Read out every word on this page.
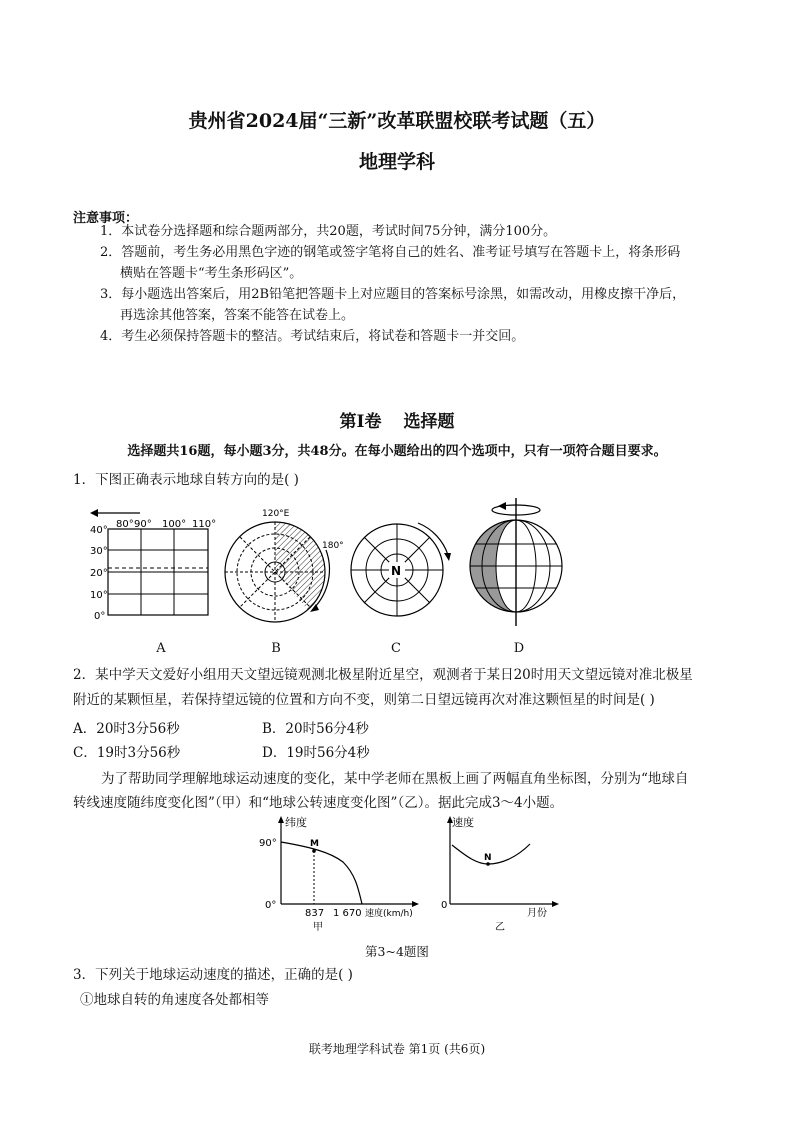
贵州省2024届“三新”改革联盟校联考试题（五）
地理学科
注意事项：
1．本试卷分选择题和综合题两部分，共20题，考试时间75分钟，满分100分。
2．答题前，考生务必用黑色字迹的钢笔或签字笔将自己的姓名、准考证号填写在答题卡上，将条形码
横贴在答题卡“考生条形码区”。
3．每小题选出答案后，用2B铅笔把答题卡上对应题目的答案标号涂黑，如需改动，用橡皮擦干净后，
再选涂其他答案，答案不能答在试卷上。
4．考生必须保持答题卡的整洁。考试结束后，将试卷和答题卡一并交回。
第I卷 选择题
选择题共16题，每小题3分，共48分。在每小题给出的四个选项中，只有一项符合题目要求。
1．下图正确表示地球自转方向的是( )
80° 90° 100° 110°
40°
30°
20°
10°
0°
120°E
180°
N
A	B	C	D
2．某中学天文爱好小组用天文望远镜观测北极星附近星空，观测者于某日20时用天文望远镜对准北极星
附近的某颗恒星，若保持望远镜的位置和方向不变，则第二日望远镜再次对准这颗恒星的时间是( )
A．20时3分56秒	B．20时56分4秒
C．19时3分56秒	D．19时56分4秒
为了帮助同学理解地球运动速度的变化，某中学老师在黑板上画了两幅直角坐标图，分别为“地球自
转线速度随纬度变化图”（甲）和“地球公转速度变化图”（乙）。据此完成3～4小题。
纬度
90°
0°
M
837 1 670 速度(km/h)
甲
速度
0
N
月份
乙
第3~4题图
3．下列关于地球运动速度的描述，正确的是( )
①地球自转的角速度各处都相等
联考地理学科试卷 第1页 (共6页)
